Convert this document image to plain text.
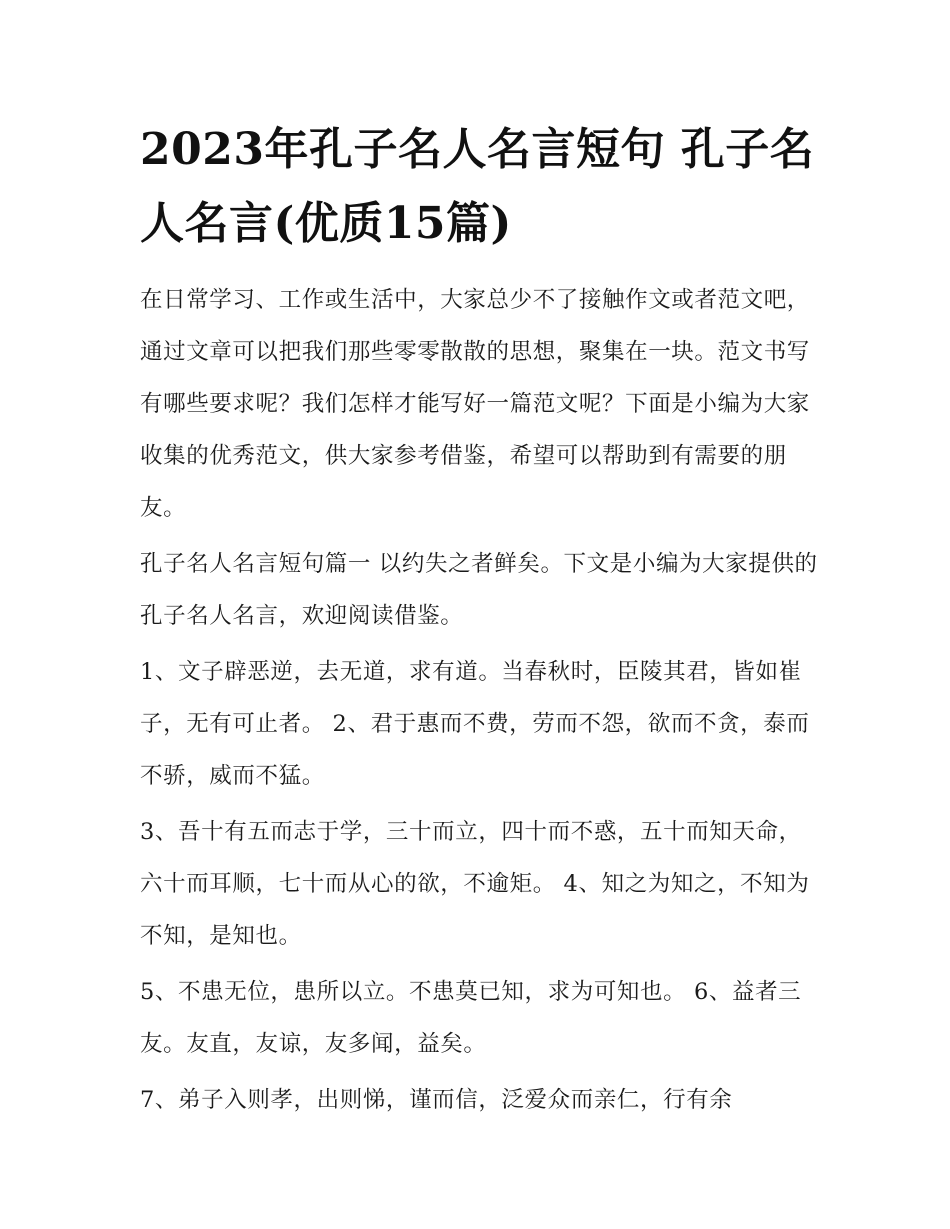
2023年孔子名人名言短句 孔子名人名言(优质15篇)

在日常学习、工作或生活中，大家总少不了接触作文或者范文吧，通过文章可以把我们那些零零散散的思想，聚集在一块。范文书写有哪些要求呢？我们怎样才能写好一篇范文呢？下面是小编为大家收集的优秀范文，供大家参考借鉴，希望可以帮助到有需要的朋友。

孔子名人名言短句篇一 以约失之者鲜矣。下文是小编为大家提供的孔子名人名言，欢迎阅读借鉴。

1、文子辟恶逆，去无道，求有道。当春秋时，臣陵其君，皆如崔子，无有可止者。 2、君于惠而不费，劳而不怨，欲而不贪，泰而不骄，威而不猛。

3、吾十有五而志于学，三十而立，四十而不惑，五十而知天命，六十而耳顺，七十而从心的欲，不逾矩。 4、知之为知之，不知为不知，是知也。

5、不患无位，患所以立。不患莫已知，求为可知也。 6、益者三友。友直，友谅，友多闻，益矣。

7、弟子入则孝，出则悌，谨而信，泛爱众而亲仁，行有余
